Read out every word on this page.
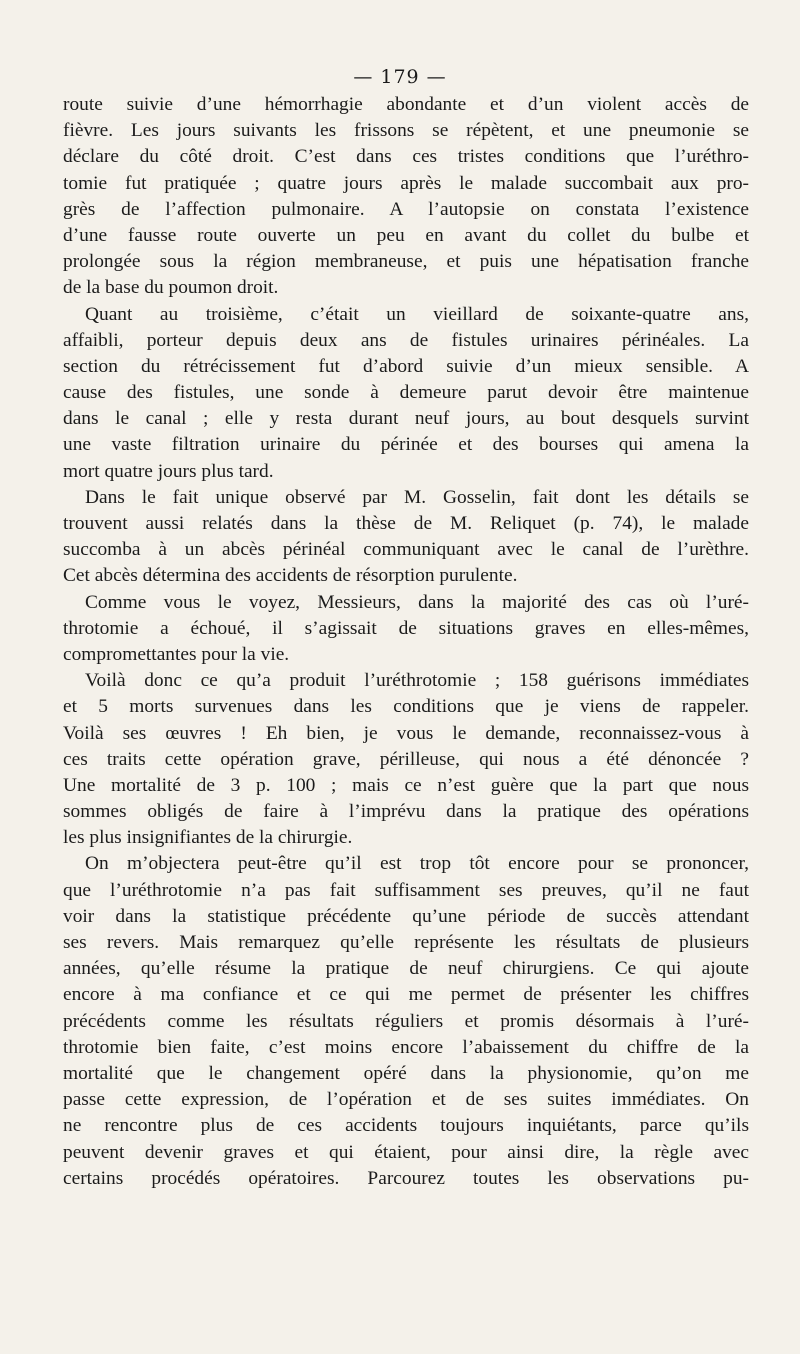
— 179 —
route suivie d’une hémorrhagie abondante et d’un violent accès de
fièvre. Les jours suivants les frissons se répètent, et une pneumonie se
déclare du côté droit. C’est dans ces tristes conditions que l’uréthro-
tomie fut pratiquée ; quatre jours après le malade succombait aux pro-
grès de l’affection pulmonaire. A l’autopsie on constata l’existence
d’une fausse route ouverte un peu en avant du collet du bulbe et
prolongée sous la région membraneuse, et puis une hépatisation franche
de la base du poumon droit.
Quant au troisième, c’était un vieillard de soixante-quatre ans,
affaibli, porteur depuis deux ans de fistules urinaires périnéales. La
section du rétrécissement fut d’abord suivie d’un mieux sensible. A
cause des fistules, une sonde à demeure parut devoir être maintenue
dans le canal ; elle y resta durant neuf jours, au bout desquels survint
une vaste filtration urinaire du périnée et des bourses qui amena la
mort quatre jours plus tard.
Dans le fait unique observé par M. Gosselin, fait dont les détails se
trouvent aussi relatés dans la thèse de M. Reliquet (p. 74), le malade
succomba à un abcès périnéal communiquant avec le canal de l’urèthre.
Cet abcès détermina des accidents de résorption purulente.
Comme vous le voyez, Messieurs, dans la majorité des cas où l’uré-
throtomie a échoué, il s’agissait de situations graves en elles-mêmes,
compromettantes pour la vie.
Voilà donc ce qu’a produit l’uréthrotomie ; 158 guérisons immédiates
et 5 morts survenues dans les conditions que je viens de rappeler.
Voilà ses œuvres ! Eh bien, je vous le demande, reconnaissez-vous à
ces traits cette opération grave, périlleuse, qui nous a été dénoncée ?
Une mortalité de 3 p. 100 ; mais ce n’est guère que la part que nous
sommes obligés de faire à l’imprévu dans la pratique des opérations
les plus insignifiantes de la chirurgie.
On m’objectera peut-être qu’il est trop tôt encore pour se prononcer,
que l’uréthrotomie n’a pas fait suffisamment ses preuves, qu’il ne faut
voir dans la statistique précédente qu’une période de succès attendant
ses revers. Mais remarquez qu’elle représente les résultats de plusieurs
années, qu’elle résume la pratique de neuf chirurgiens. Ce qui ajoute
encore à ma confiance et ce qui me permet de présenter les chiffres
précédents comme les résultats réguliers et promis désormais à l’uré-
throtomie bien faite, c’est moins encore l’abaissement du chiffre de la
mortalité que le changement opéré dans la physionomie, qu’on me
passe cette expression, de l’opération et de ses suites immédiates. On
ne rencontre plus de ces accidents toujours inquiétants, parce qu’ils
peuvent devenir graves et qui étaient, pour ainsi dire, la règle avec
certains procédés opératoires. Parcourez toutes les observations pu-
